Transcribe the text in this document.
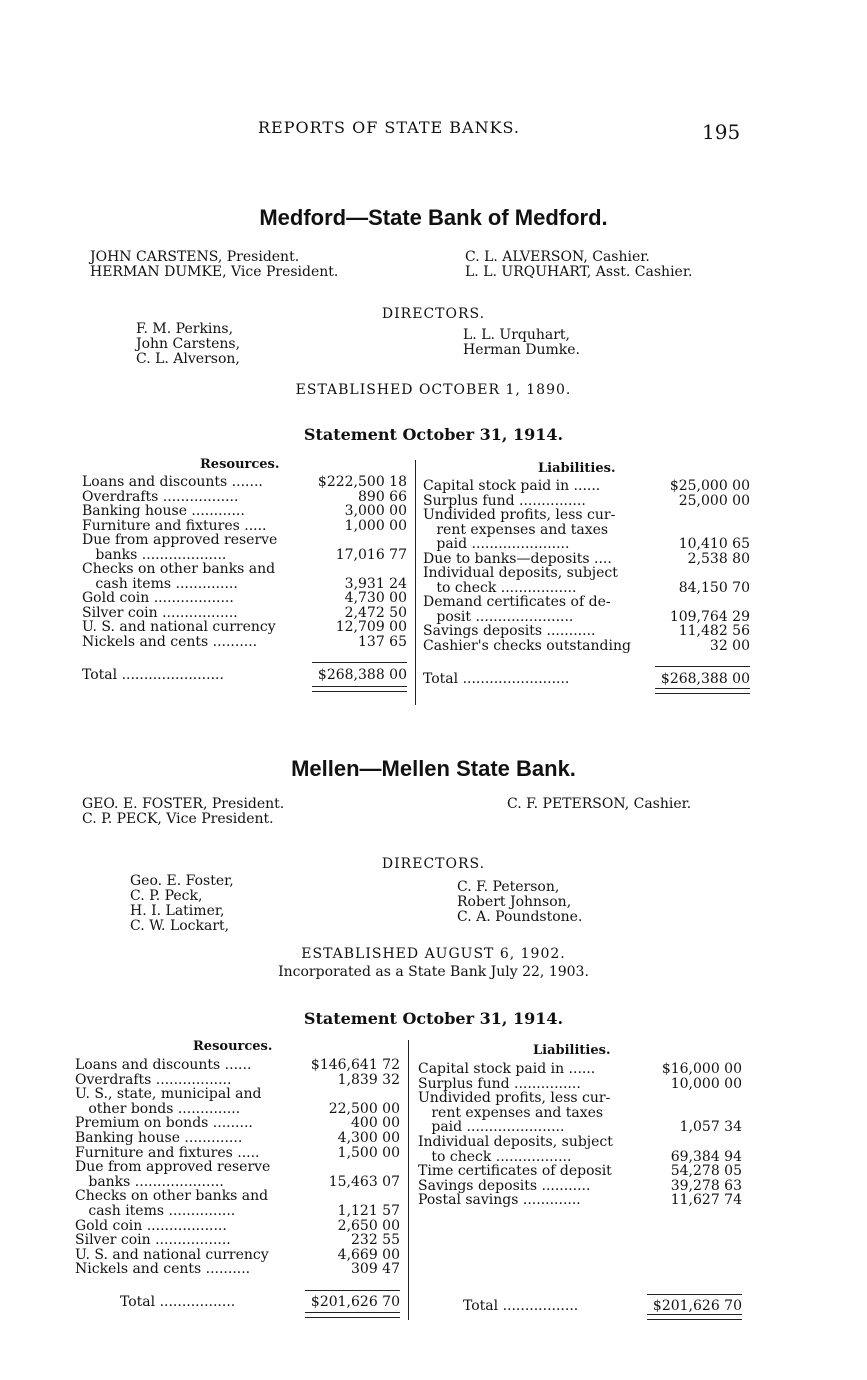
REPORTS OF STATE BANKS.	195
Medford—State Bank of Medford.
JOHN CARSTENS, President.
HERMAN DUMKE, Vice President.
C. L. ALVERSON, Cashier.
L. L. URQUHART, Asst. Cashier.
DIRECTORS.
F. M. Perkins,
John Carstens,
C. L. Alverson,
L. L. Urquhart,
Herman Dumke.
ESTABLISHED OCTOBER 1, 1890.
Statement October 31, 1914.
Resources.	Liabilities.
Loans and discounts .......	$222,500 18
Overdrafts .................	890 66
Banking house ............	3,000 00
Furniture and fixtures .....	1,000 00
Due from approved reserve
banks ...................	17,016 77
Checks on other banks and
cash items ..............	3,931 24
Gold coin ..................	4,730 00
Silver coin .................	2,472 50
U. S. and national currency	12,709 00
Nickels and cents ..........	137 65
Capital stock paid in ......	$25,000 00
Surplus fund ...............	25,000 00
Undivided profits, less cur-
rent expenses and taxes
paid ......................	10,410 65
Due to banks—deposits ....	2,538 80
Individual deposits, subject
to check .................	84,150 70
Demand certificates of de-
posit ......................	109,764 29
Savings deposits ...........	11,482 56
Cashier's checks outstanding	32 00
Total .......................	$268,388 00 Total ........................	$268,388 00
Mellen—Mellen State Bank.
GEO. E. FOSTER, President.
C. P. PECK, Vice President.
C. F. PETERSON, Cashier.
DIRECTORS.
Geo. E. Foster,
C. P. Peck,
H. I. Latimer,
C. W. Lockart,
C. F. Peterson,
Robert Johnson,
C. A. Poundstone.
ESTABLISHED AUGUST 6, 1902.
Incorporated as a State Bank July 22, 1903.
Statement October 31, 1914.
Resources.	Liabilities.
Loans and discounts ......	$146,641 72
Overdrafts .................	1,839 32
U. S., state, municipal and
other bonds ..............	22,500 00
Premium on bonds .........	400 00
Banking house .............	4,300 00
Furniture and fixtures .....	1,500 00
Due from approved reserve
banks ....................	15,463 07
Checks on other banks and
cash items ...............	1,121 57
Gold coin ..................	2,650 00
Silver coin .................	232 55
U. S. and national currency	4,669 00
Nickels and cents ..........	309 47
Capital stock paid in ......	$16,000 00
Surplus fund ...............	10,000 00
Undivided profits, less cur-
rent expenses and taxes
paid ......................	1,057 34
Individual deposits, subject
to check .................	69,384 94
Time certificates of deposit	54,278 05
Savings deposits ...........	39,278 63
Postal savings .............	11,627 74
Total .................	$201,626 70	Total .................	$201,626 70
